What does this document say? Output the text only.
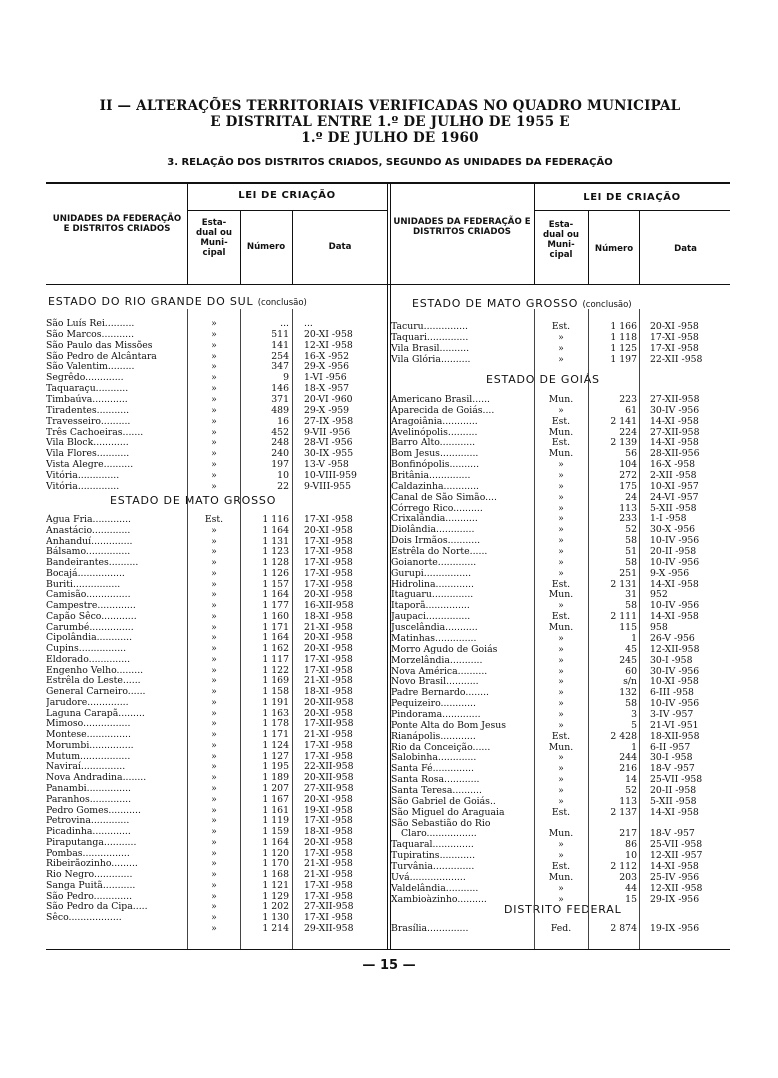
II — ALTERAÇÕES TERRITORIAIS VERIFICADAS NO QUADRO MUNICIPAL
E DISTRITAL ENTRE 1.º DE JULHO DE 1955 E
1.º DE JULHO DE 1960
3. RELAÇÃO DOS DISTRITOS CRIADOS, SEGUNDO AS UNIDADES DA FEDERAÇÃO
UNIDADES DA FEDERAÇÃO E DISTRITOS CRIADOS
LEI DE CRIAÇÃO
Esta- dual ou Muni- cipal
Número	Data
UNIDADES DA FEDERAÇÃO E DISTRITOS CRIADOS
LEI DE CRIAÇÃO
Esta- dual ou Muni- cipal
Número	Data
ESTADO DO RIO GRANDE DO SUL (conclusão)
ESTADO DE MATO GROSSO
ESTADO DE MATO GROSSO (conclusão)
ESTADO DE GOIÁS
DISTRITO FEDERAL
São Luís Rei..........	»	... ...
São Marcos...........	»	511 20-XI -958
São Paulo das Missões	»	141 12-XI -958
São Pedro de Alcântara	»	254 16-X -952
São Valentim.........	»	347 29-X -956
Segrêdo.............	»	9 1-VI -956
Taquaraçu...........	»	146 18-X -957
Timbaúva............	»	371 20-VI -960
Tiradentes...........	»	489 29-X -959
Travesseiro..........	»	16 27-IX -958
Três Cachoeiras.......	»	452 9-VII -956
Vila Block............	»	248 28-VI -956
Vila Flores...........	»	240 30-IX -955
Vista Alegre..........	»	197 13-V -958
Vitória..............	»	10 10-VIII-959
Vitória..............	»	22 9-VIII-955
Água Fria.............	Est.	1 116 17-XI -958
Anastácio.............	»	1 164 20-XI -958
Anhanduí..............	»	1 131 17-XI -958
Bálsamo...............	»	1 123 17-XI -958
Bandeirantes..........	»	1 128 17-XI -958
Bocajá................	»	1 126 17-XI -958
Buriti................	»	1 157 17-XI -958
Camisão...............	»	1 164 20-XI -958
Campestre.............	»	1 177 16-XII-958
Capão Sêco............	»	1 160 18-XI -958
Carumbé...............	»	1 171 21-XI -958
Cipolândia............	»	1 164 20-XI -958
Cupins................	»	1 162 20-XI -958
Eldorado..............	»	1 117 17-XI -958
Engenho Velho.........	»	1 122 17-XI -958
Estrêla do Leste......	»	1 169 21-XI -958
General Carneiro......	»	1 158 18-XI -958
Jarudore..............	»	1 191 20-XII-958
Laguna Carapã.........	»	1 163 20-XI -958
Mimoso................	»	1 178 17-XII-958
Montese...............	»	1 171 21-XI -958
Morumbi...............	»	1 124 17-XI -958
Mutum.................	»	1 127 17-XI -958
Naviraí...............	»	1 195 22-XII-958
Nova Andradina........	»	1 189 20-XII-958
Panambi...............	»	1 207 27-XII-958
Paranhos..............	»	1 167 20-XI -958
Pedro Gomes...........	»	1 161 19-XI -958
Petrovina.............	»	1 119 17-XI -958
Picadinha.............	»	1 159 18-XI -958
Piraputanga...........	»	1 164 20-XI -958
Pombas................	»	1 120 17-XI -958
Ribeirãozinho.........	»	1 170 21-XI -958
Rio Negro.............	»	1 168 21-XI -958
Sanga Puitã...........	»	1 121 17-XI -958
São Pedro.............	»	1 129 17-XI -958
São Pedro da Cipa.....	»	1 202 27-XII-958
Sêco..................	»	1 130 17-XI -958
»	1 214 29-XII-958
Tacuru...............	Est.	1 166 20-XI -958
Taquari..............	»	1 118 17-XI -958
Vila Brasil..........	»	1 125 17-XI -958
Vila Glória..........	»	1 197 22-XII -958
Americano Brasil......	Mun.	223 27-XII-958
Aparecida de Goiás....	»	61 30-IV -956
Aragoiânia............	Est.	2 141 14-XI -958
Avelinópolis..........	Mun.	224 27-XII-958
Barro Alto............	Est.	2 139 14-XI -958
Bom Jesus.............	Mun.	56 28-XII-956
Bonfinópolis..........	»	104 16-X -958
Britânia..............	»	272 2-XII -958
Caldazinha............	»	175 10-XI -957
Canal de São Simão....	»	24 24-VI -957
Córrego Rico..........	»	113 5-XII -958
Crixalândia...........	»	233 1-I -958
Diolândia.............	»	52 30-X -956
Dois Irmãos...........	»	58 10-IV -956
Estrêla do Norte......	»	51 20-II -958
Goianorte.............	»	58 10-IV -956
Gurupi................	»	251 9-X -956
Hidrolina.............	Est.	2 131 14-XI -958
Itaguaru..............	Mun.	31 952
Itaporã...............	»	58 10-IV -956
Jaupaci...............	Est.	2 111 14-XI -958
Juscelândia...........	Mun.	115 958
Matinhas..............	»	1 26-V -956
Morro Agudo de Goiás	»	45 12-XII-958
Morzelândia...........	»	245 30-I -958
Nova América..........	»	60 30-IV -956
Novo Brasil...........	»	s/n 10-XI -958
Padre Bernardo........	»	132 6-III -958
Pequizeiro............	»	58 10-IV -956
Pindorama.............	»	3 3-IV -957
Ponte Alta do Bom Jesus	»	5 21-VI -951
Rianápolis............	Est.	2 428 18-XII-958
Rio da Conceição......	Mun.	1 6-II -957
Salobinha.............	»	244 30-I -958
Santa Fé..............	»	216 18-V -957
Santa Rosa............	»	14 25-VII -958
Santa Teresa..........	»	52 20-II -958
São Gabriel de Goiás..	»	113 5-XII -958
São Miguel do Araguaia	Est.	2 137 14-XI -958
São Sebastião do Rio
Claro.................	Mun.	217 18-V -957
Taquaral..............	»	86 25-VII -958
Tupiratins............	»	10 12-XII -957
Turvânia..............	Est.	2 112 14-XI -958
Uvá...................	Mun.	203 25-IV -956
Valdelândia...........	»	44 12-XII -958
Xambioàzinho..........	»	15 29-IX -956
Brasília..............	Fed.	2 874 19-IX -956
— 15 —
